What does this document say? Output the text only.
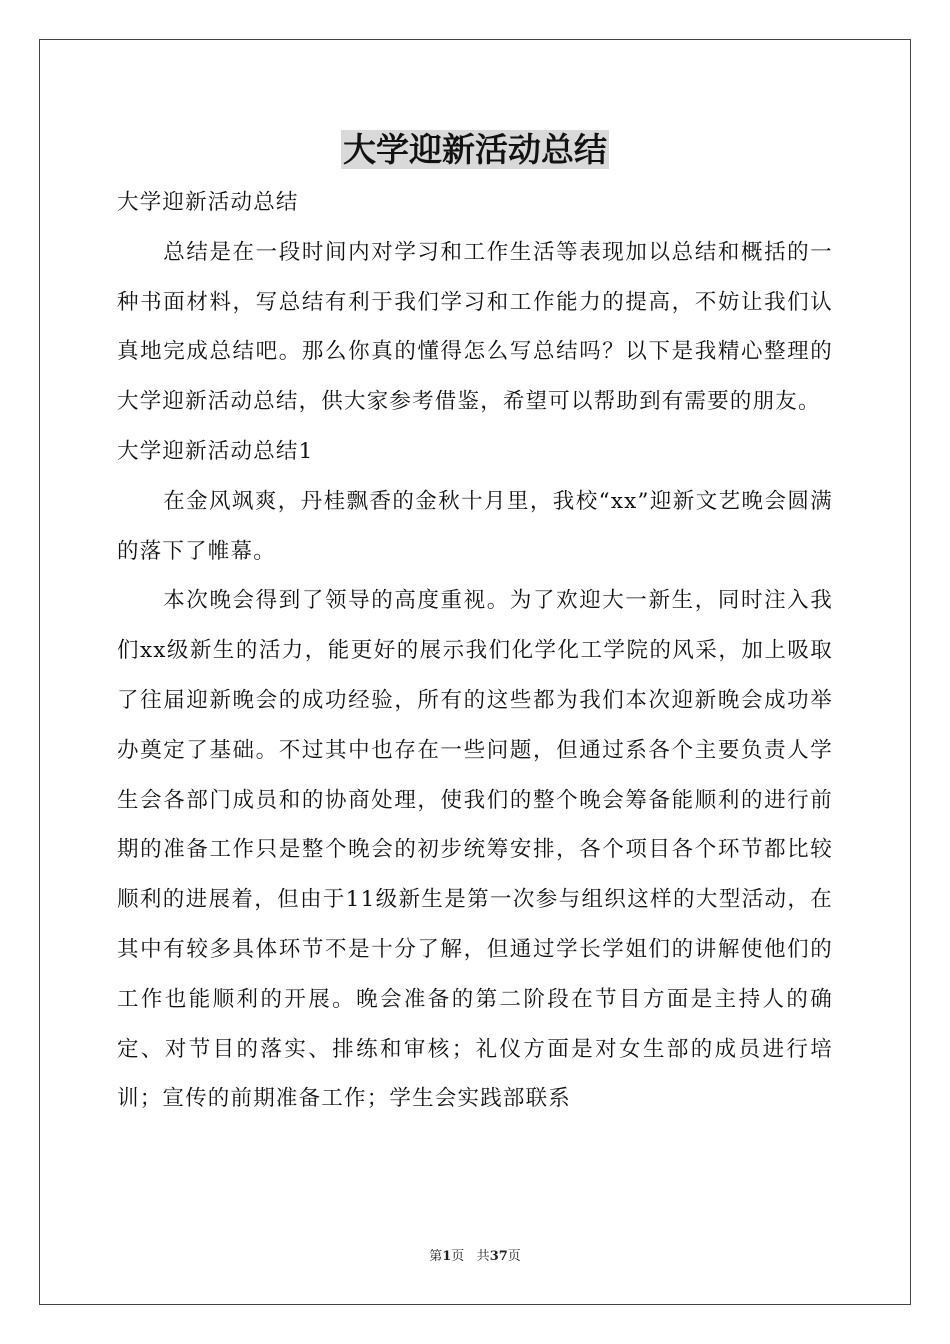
大学迎新活动总结

大学迎新活动总结

总结是在一段时间内对学习和工作生活等表现加以总结和概括的一种书面材料，写总结有利于我们学习和工作能力的提高，不妨让我们认真地完成总结吧。那么你真的懂得怎么写总结吗？以下是我精心整理的大学迎新活动总结，供大家参考借鉴，希望可以帮助到有需要的朋友。

大学迎新活动总结1

在金风飒爽，丹桂飘香的金秋十月里，我校“xx”迎新文艺晚会圆满的落下了帷幕。

本次晚会得到了领导的高度重视。为了欢迎大一新生，同时注入我们xx级新生的活力，能更好的展示我们化学化工学院的风采，加上吸取了往届迎新晚会的成功经验，所有的这些都为我们本次迎新晚会成功举办奠定了基础。不过其中也存在一些问题，但通过系各个主要负责人学生会各部门成员和的协商处理，使我们的整个晚会筹备能顺利的进行前期的准备工作只是整个晚会的初步统筹安排，各个项目各个环节都比较顺利的进展着，但由于11级新生是第一次参与组织这样的大型活动，在其中有较多具体环节不是十分了解，但通过学长学姐们的讲解使他们的工作也能顺利的开展。晚会准备的第二阶段在节目方面是主持人的确定、对节目的落实、排练和审核；礼仪方面是对女生部的成员进行培训；宣传的前期准备工作；学生会实践部联系

第1页 共37页
